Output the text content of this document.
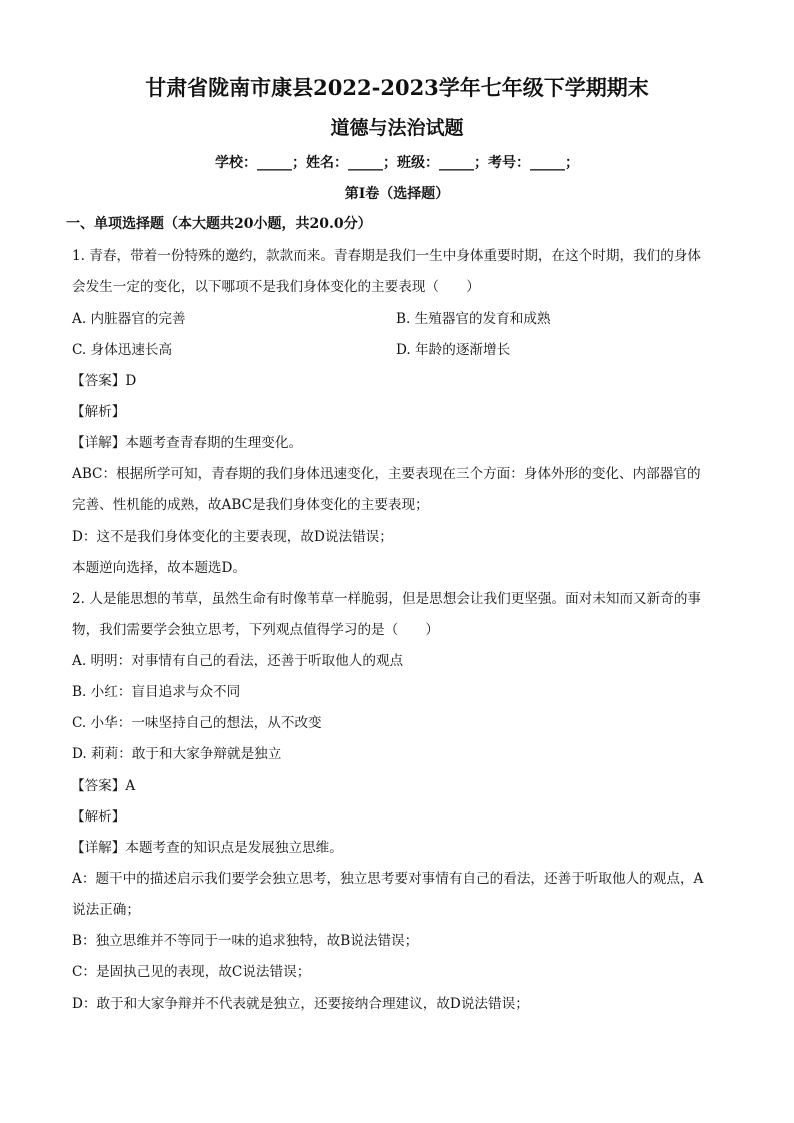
甘肃省陇南市康县2022-2023学年七年级下学期期末
道德与法治试题
学校：_____；姓名：_____；班级：_____；考号：_____；
第Ⅰ卷（选择题）
一、单项选择题（本大题共20小题，共20.0分）
1. 青春，带着一份特殊的邀约，款款而来。青春期是我们一生中身体重要时期，在这个时期，我们的身体
会发生一定的变化，以下哪项不是我们身体变化的主要表现（　　）
A. 内脏器官的完善	B. 生殖器官的发育和成熟
C. 身体迅速长高	D. 年龄的逐渐增长
【答案】D
【解析】
【详解】本题考查青春期的生理变化。
ABC：根据所学可知，青春期的我们身体迅速变化，主要表现在三个方面：身体外形的变化、内部器官的
完善、性机能的成熟，故ABC是我们身体变化的主要表现；
D：这不是我们身体变化的主要表现，故D说法错误；
本题逆向选择，故本题选D。
2. 人是能思想的苇草，虽然生命有时像苇草一样脆弱，但是思想会让我们更坚强。面对未知而又新奇的事
物，我们需要学会独立思考，下列观点值得学习的是（　　）
A. 明明：对事情有自己的看法，还善于听取他人的观点
B. 小红：盲目追求与众不同
C. 小华：一味坚持自己的想法，从不改变
D. 莉莉：敢于和大家争辩就是独立
【答案】A
【解析】
【详解】本题考查的知识点是发展独立思维。
A：题干中的描述启示我们要学会独立思考，独立思考要对事情有自己的看法，还善于听取他人的观点，A
说法正确；
B：独立思维并不等同于一味的追求独特，故B说法错误；
C：是固执己见的表现，故C说法错误；
D：敢于和大家争辩并不代表就是独立，还要接纳合理建议，故D说法错误；
